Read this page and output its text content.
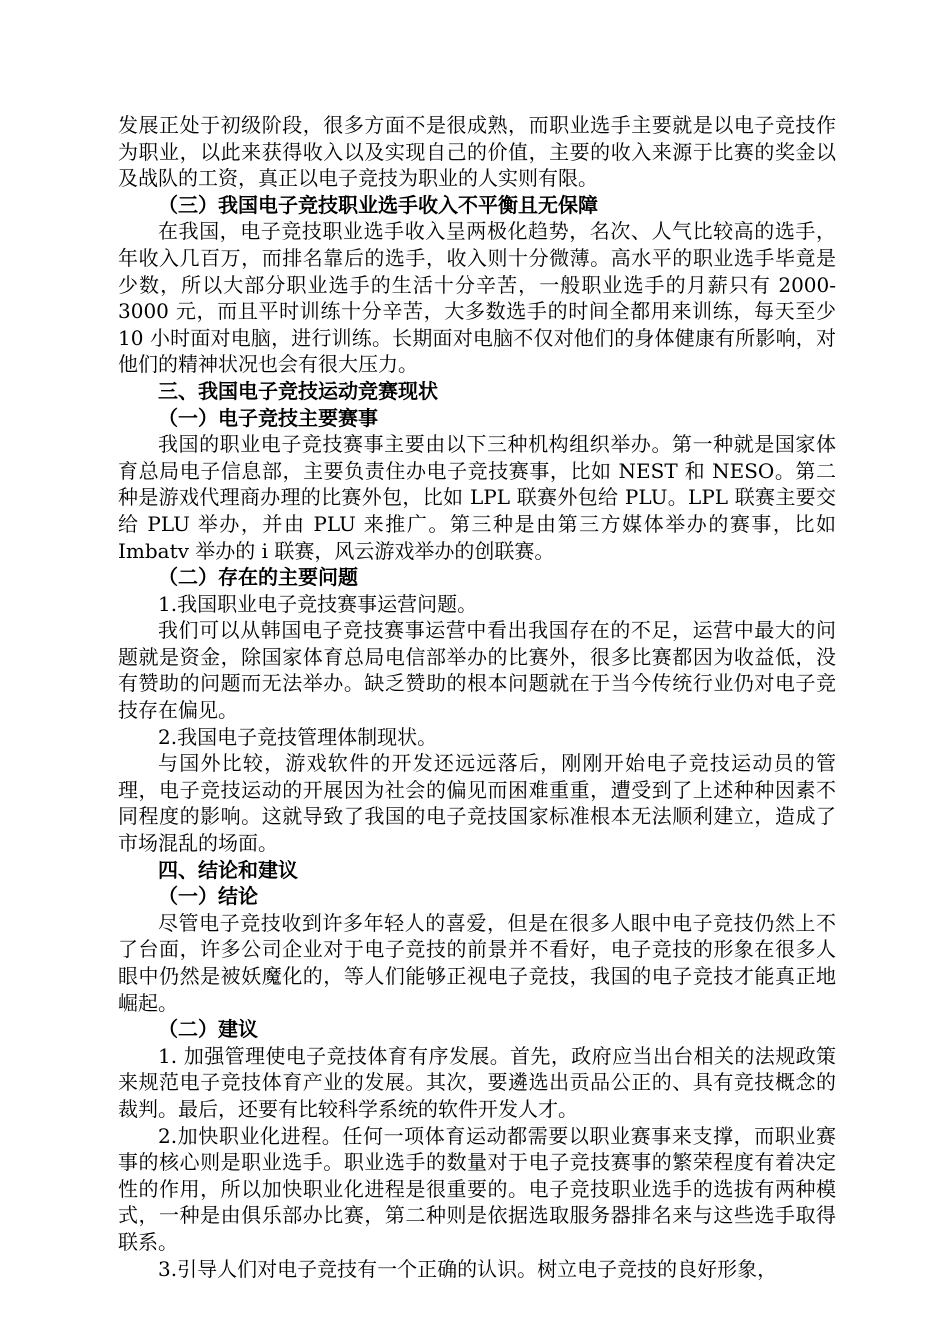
发展正处于初级阶段，很多方面不是很成熟，而职业选手主要就是以电子竞技作为职业，以此来获得收入以及实现自己的价值，主要的收入来源于比赛的奖金以及战队的工资，真正以电子竞技为职业的人实则有限。

（三）我国电子竞技职业选手收入不平衡且无保障

在我国，电子竞技职业选手收入呈两极化趋势，名次、人气比较高的选手，年收入几百万，而排名靠后的选手，收入则十分微薄。高水平的职业选手毕竟是少数，所以大部分职业选手的生活十分辛苦，一般职业选手的月薪只有 2000-3000 元，而且平时训练十分辛苦，大多数选手的时间全都用来训练，每天至少 10 小时面对电脑，进行训练。长期面对电脑不仅对他们的身体健康有所影响，对他们的精神状况也会有很大压力。

三、我国电子竞技运动竞赛现状

（一）电子竞技主要赛事

我国的职业电子竞技赛事主要由以下三种机构组织举办。第一种就是国家体育总局电子信息部，主要负责住办电子竞技赛事，比如 NEST 和 NESO。第二种是游戏代理商办理的比赛外包，比如 LPL 联赛外包给 PLU。LPL 联赛主要交给 PLU 举办，并由 PLU 来推广。第三种是由第三方媒体举办的赛事，比如 Imbatv 举办的 i 联赛，风云游戏举办的创联赛。

（二）存在的主要问题

1.我国职业电子竞技赛事运营问题。

我们可以从韩国电子竞技赛事运营中看出我国存在的不足，运营中最大的问题就是资金，除国家体育总局电信部举办的比赛外，很多比赛都因为收益低，没有赞助的问题而无法举办。缺乏赞助的根本问题就在于当今传统行业仍对电子竞技存在偏见。

2.我国电子竞技管理体制现状。

与国外比较，游戏软件的开发还远远落后，刚刚开始电子竞技运动员的管理，电子竞技运动的开展因为社会的偏见而困难重重，遭受到了上述种种因素不同程度的影响。这就导致了我国的电子竞技国家标准根本无法顺利建立，造成了市场混乱的场面。

四、结论和建议

（一）结论

尽管电子竞技收到许多年轻人的喜爱，但是在很多人眼中电子竞技仍然上不了台面，许多公司企业对于电子竞技的前景并不看好，电子竞技的形象在很多人眼中仍然是被妖魔化的，等人们能够正视电子竞技，我国的电子竞技才能真正地崛起。

（二）建议

1. 加强管理使电子竞技体育有序发展。首先，政府应当出台相关的法规政策来规范电子竞技体育产业的发展。其次，要遴选出贡品公正的、具有竞技概念的裁判。最后，还要有比较科学系统的软件开发人才。

2.加快职业化进程。任何一项体育运动都需要以职业赛事来支撑，而职业赛事的核心则是职业选手。职业选手的数量对于电子竞技赛事的繁荣程度有着决定性的作用，所以加快职业化进程是很重要的。电子竞技职业选手的选拔有两种模式，一种是由俱乐部办比赛，第二种则是依据选取服务器排名来与这些选手取得联系。

3.引导人们对电子竞技有一个正确的认识。树立电子竞技的良好形象，
